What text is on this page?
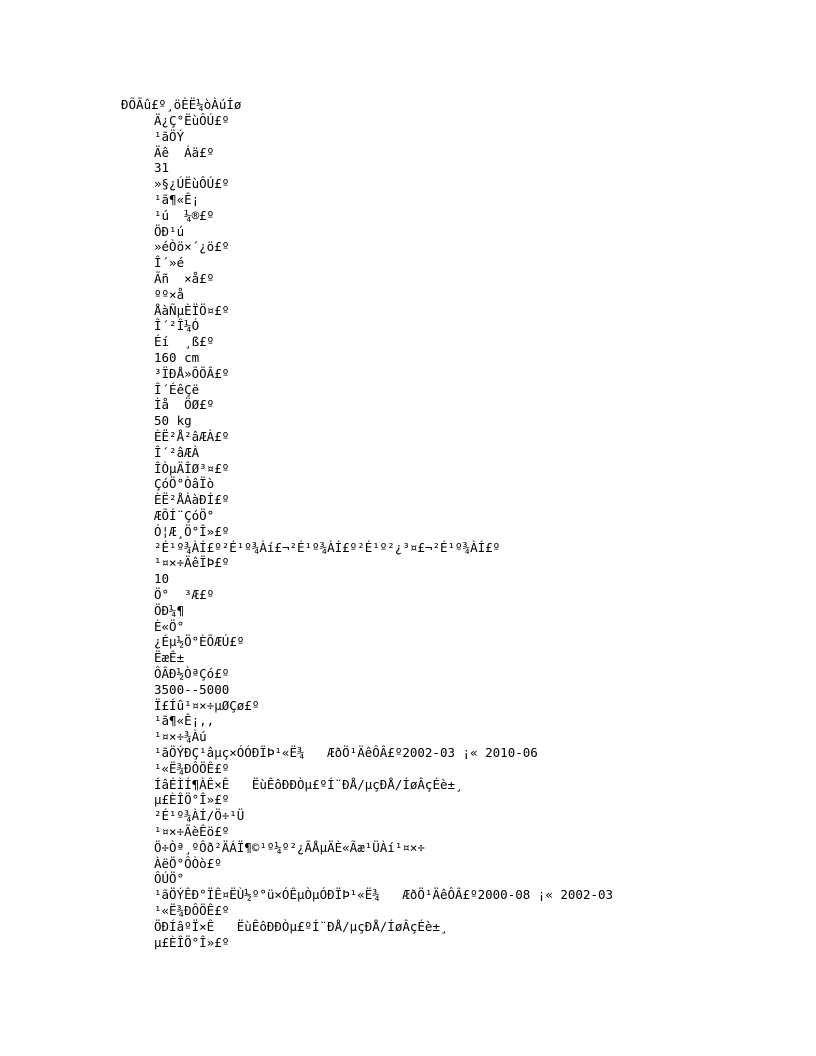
ÐÕÃû£º¸öÈË¼òÀúÍø
Ä¿Ç°ËùÔÚ£º
¹ãÖÝ
Äê  Áä£º
31
»§¿ÚËùÔÚ£º
¹ã¶«Ê¡
¹ú  ¼®£º
ÖÐ¹ú
»éÒö×´¿ö£º
Î´»é
Ãñ  ×å£º
ºº×å
ÅàÑµÈÏÖ¤£º
Î´²Î¼Ó
Éí  ¸ß£º
160 cm
³ÏÐÅ»ÕÕÂ£º
Î´ÉêÇë
Ìå  ÖØ£º
50 kg
ÈË²Å²âÆÀ£º
Î´²âÆÀ
ÎÒµÄÎØ³¤£º
ÇóÖ°ÒâÏò
ÈË²ÅÀàÐÍ£º
ÆÕÍ¨ÇóÖ°
Ó¦Æ¸Ö°Î»£º
²É¹º¾ÀÍ£º²É¹º¾Àí£¬²É¹º¾ÀÍ£º²É¹º²¿³¤£¬²É¹º¾ÀÍ£º
¹¤×÷ÄêÏÞ£º
10
Ö°  ³Æ£º
ÖÐ¼¶
È«Ö°
¿Éµ½Ö°ÈÕÆÚ£º
ËæÊ±
ÔÂÐ½ÒªÇó£º
3500--5000
Ï£Íû¹¤×÷µØÇø£º
¹ã¶«Ê¡,,
¹¤×÷¾Àú
¹ãÖÝÐÇ¹âµç×ÓÓÐÏÞ¹«Ë¾   ÆðÖ¹ÄêÔÂ£º2002-03 ¡« 2010-06
¹«Ë¾ÐÔÖÊ£º
ÍâÉÌÍ¶ÀÊ×Ê   ËùÊôÐÐÒµ£ºÍ¨ÐÅ/µçÐÅ/ÍøÂçÉè±¸
µ£ÈÎÖ°Î»£º
²É¹º¾ÀÍ/Ö÷¹Ü
¹¤×÷ÃèÊö£º
Ö÷Òª¸ºÔð²ÄÁÏ¶©¹º¼º²¿ÃÅµÄÈ«Ãæ¹ÜÀí¹¤×÷
ÀëÖ°ÔÒò£º
ÔÚÖ°
¹ãÖÝÊÐ°ÏÊ¤ËÙ½º°ü×ÓÊµÒµÓÐÏÞ¹«Ë¾   ÆðÖ¹ÄêÔÂ£º2000-08 ¡« 2002-03
¹«Ë¾ÐÔÖÊ£º
ÖÐÍâºÏ×Ê   ËùÊôÐÐÒµ£ºÍ¨ÐÅ/µçÐÅ/ÍøÂçÉè±¸
µ£ÈÎÖ°Î»£º
